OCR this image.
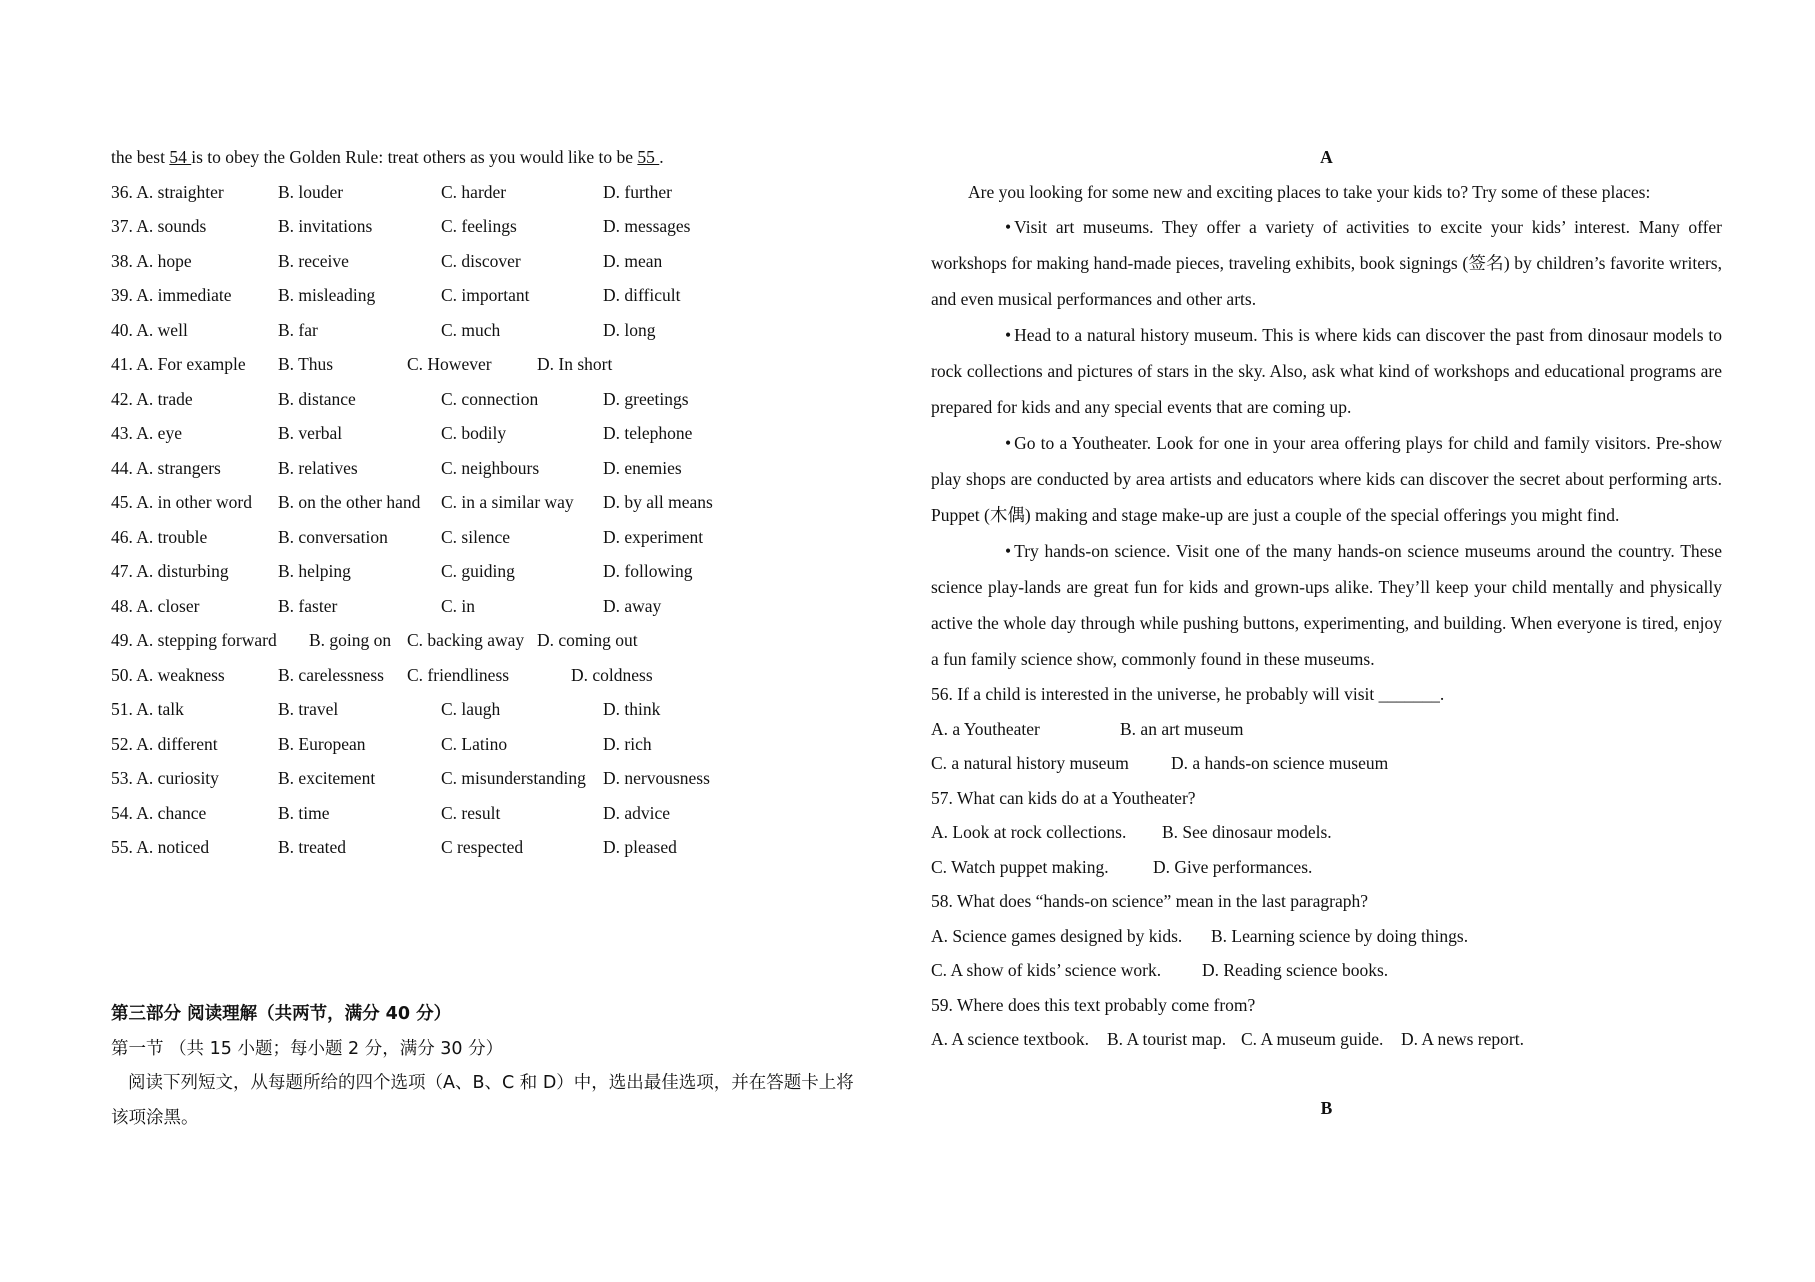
the best 54 is to obey the Golden Rule: treat others as you would like to be 55 .
36. A. straighter	B. louder	C. harder	D. further
37. A. sounds	B. invitations	C. feelings	D. messages
38. A. hope	B. receive	C. discover	D. mean
39. A. immediate	B. misleading	C. important	D. difficult
40. A. well	B. far	C. much	D. long
41. A. For example B. Thus	C. However	D. In short
42. A. trade	B. distance	C. connection	D. greetings
43. A. eye	B. verbal	C. bodily	D. telephone
44. A. strangers	B. relatives	C. neighbours	D. enemies
45. A. in other word B. on the other hand C. in a similar way D. by all means
46. A. trouble	B. conversation	C. silence	D. experiment
47. A. disturbing	B. helping	C. guiding	D. following
48. A. closer	B. faster	C. in	D. away
49. A. stepping forward B. going on C. backing away D. coming out
50. A. weakness	B. carelessness C. friendliness	D. coldness
51. A. talk	B. travel	C. laugh	D. think
52. A. different	B. European	C. Latino	D. rich
53. A. curiosity	B. excitement	C. misunderstanding D. nervousness
54. A. chance	B. time	C. result	D. advice
55. A. noticed	B. treated	C respected	D. pleased
第三部分 阅读理解（共两节，满分 40 分）
第一节 （共 15 小题；每小题 2 分，满分 30 分）
阅读下列短文，从每题所给的四个选项（A、B、C 和 D）中，选出最佳选项，并在答题卡上将
该项涂黑。
A

Are you looking for some new and exciting places to take your kids to? Try some of these places:

• Visit art museums. They offer a variety of activities to excite your kids’ interest. Many offer workshops for making hand-made pieces, traveling exhibits, book signings (签名) by children’s favorite writers, and even musical performances and other arts.

• Head to a natural history museum. This is where kids can discover the past from dinosaur models to rock collections and pictures of stars in the sky. Also, ask what kind of workshops and educational programs are prepared for kids and any special events that are coming up.

• Go to a Youtheater. Look for one in your area offering plays for child and family visitors. Pre-show play shops are conducted by area artists and educators where kids can discover the secret about performing arts. Puppet (木偶) making and stage make-up are just a couple of the special offerings you might find.

• Try hands-on science. Visit one of the many hands-on science museums around the country. These science play-lands are great fun for kids and grown-ups alike. They’ll keep your child mentally and physically active the whole day through while pushing buttons, experimenting, and building. When everyone is tired, enjoy a fun family science show, commonly found in these museums.

56. If a child is interested in the universe, he probably will visit _______.
A. a Youtheater	B. an art museum
C. a natural history museum D. a hands-on science museum
57. What can kids do at a Youtheater?
A. Look at rock collections. B. See dinosaur models.
C. Watch puppet making.	D. Give performances.
58. What does “hands-on science” mean in the last paragraph?
A. Science games designed by kids. B. Learning science by doing things.
C. A show of kids’ science work. D. Reading science books.
59. Where does this text probably come from?
A. A science textbook. B. A tourist map. C. A museum guide. D. A news report.
B
